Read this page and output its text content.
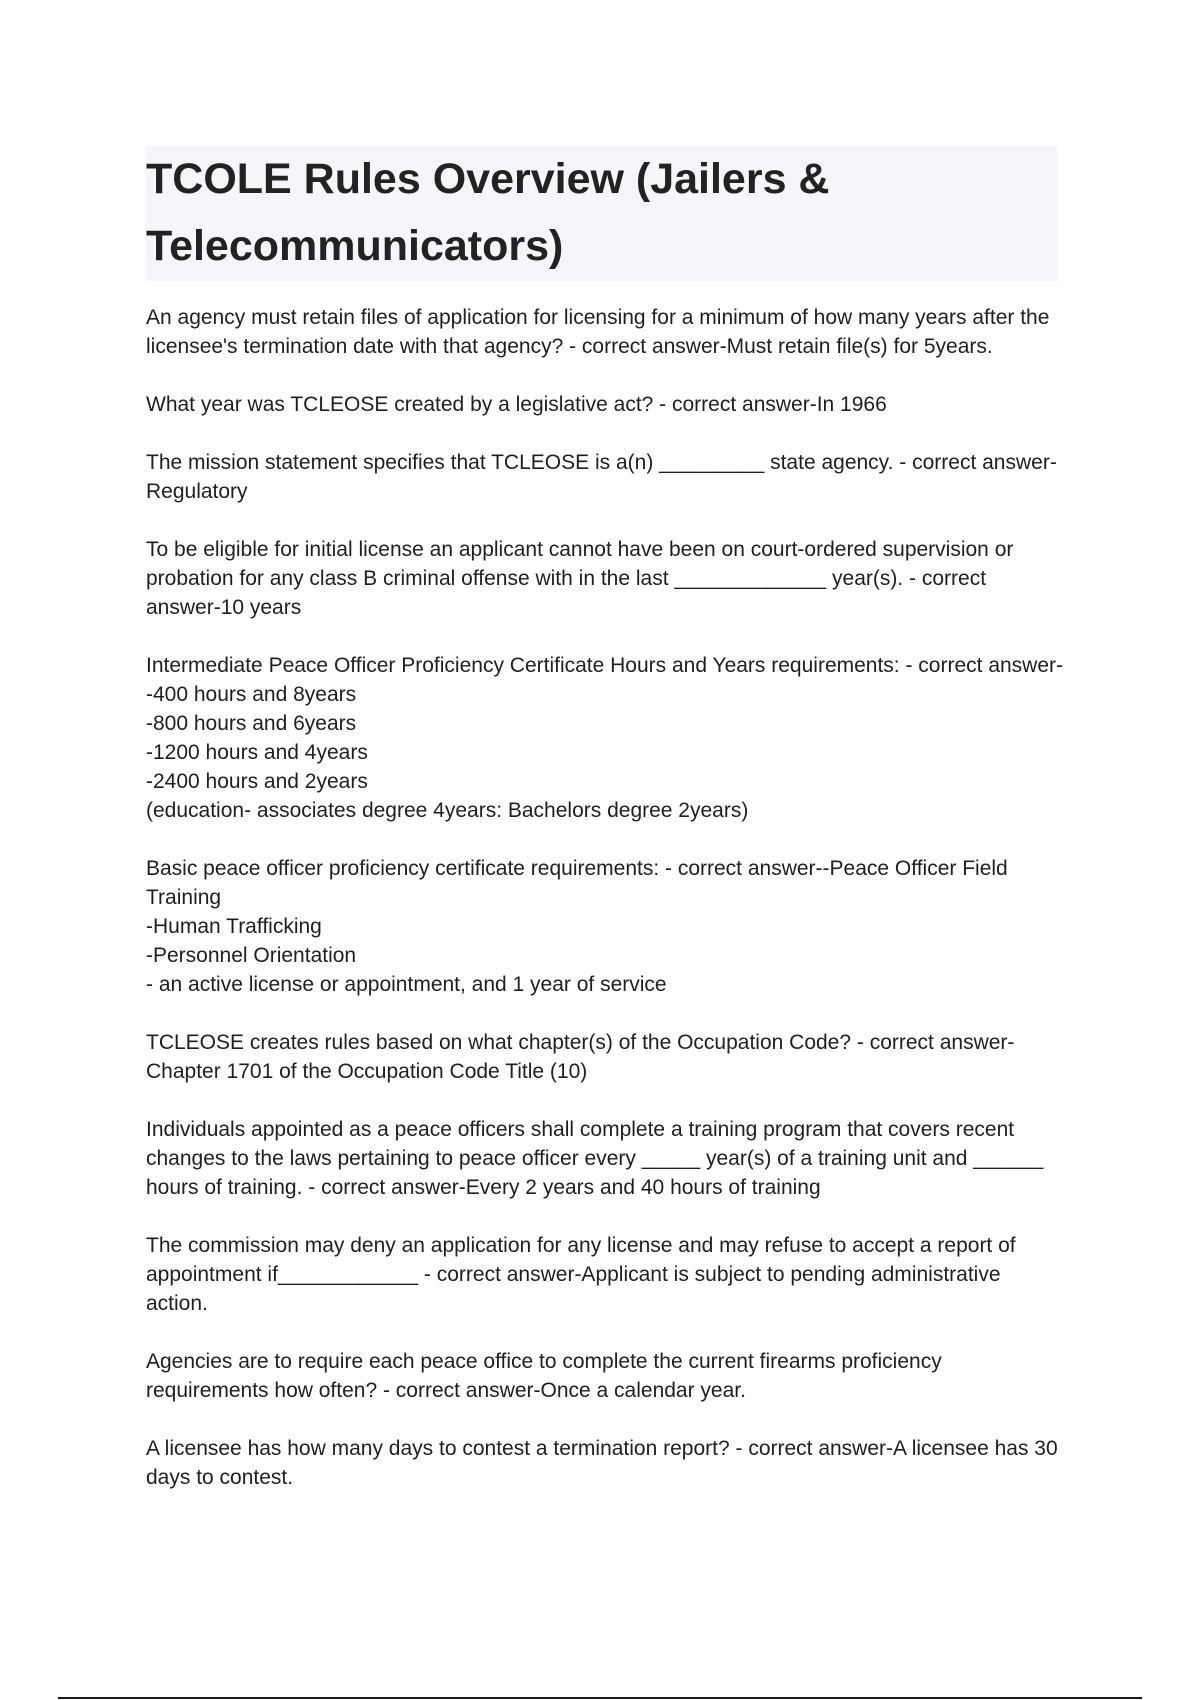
TCOLE Rules Overview (Jailers & Telecommunicators)

An agency must retain files of application for licensing for a minimum of how many years after the licensee's termination date with that agency? - correct answer-Must retain file(s) for 5years.

What year was TCLEOSE created by a legislative act? - correct answer-In 1966

The mission statement specifies that TCLEOSE is a(n) _________ state agency. - correct answer-Regulatory

To be eligible for initial license an applicant cannot have been on court-ordered supervision or probation for any class B criminal offense with in the last _____________ year(s). - correct answer-10 years

Intermediate Peace Officer Proficiency Certificate Hours and Years requirements: - correct answer--400 hours and 8years
-800 hours and 6years
-1200 hours and 4years
-2400 hours and 2years
(education- associates degree 4years: Bachelors degree 2years)

Basic peace officer proficiency certificate requirements: - correct answer--Peace Officer Field Training
-Human Trafficking
-Personnel Orientation
- an active license or appointment, and 1 year of service

TCLEOSE creates rules based on what chapter(s) of the Occupation Code? - correct answer-Chapter 1701 of the Occupation Code Title (10)

Individuals appointed as a peace officers shall complete a training program that covers recent changes to the laws pertaining to peace officer every _____ year(s) of a training unit and ______ hours of training. - correct answer-Every 2 years and 40 hours of training

The commission may deny an application for any license and may refuse to accept a report of appointment if____________ - correct answer-Applicant is subject to pending administrative action.

Agencies are to require each peace office to complete the current firearms proficiency requirements how often? - correct answer-Once a calendar year.

A licensee has how many days to contest a termination report? - correct answer-A licensee has 30 days to contest.
